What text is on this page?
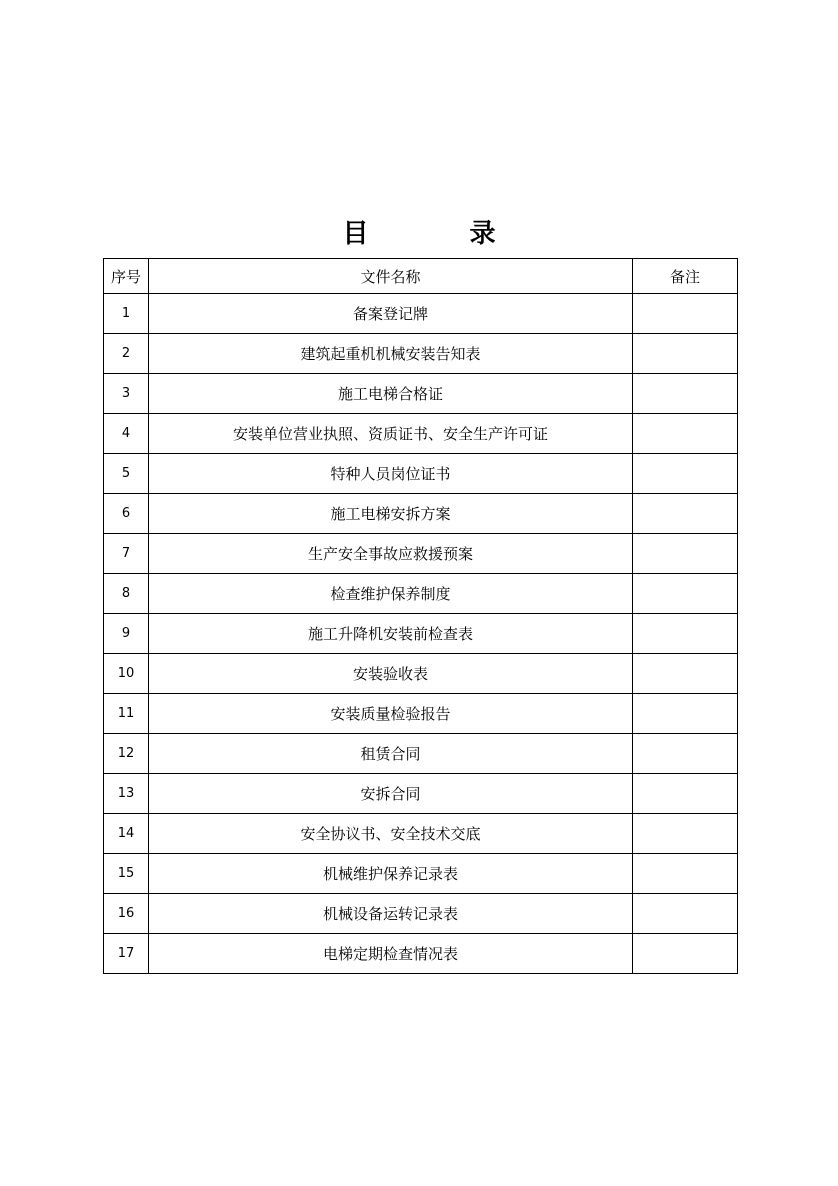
目 录
序号	文件名称	备注
1	备案登记牌	
2	建筑起重机机械安装告知表	
3	施工电梯合格证	
4	安装单位营业执照、资质证书、安全生产许可证	
5	特种人员岗位证书	
6	施工电梯安拆方案	
7	生产安全事故应救援预案	
8	检查维护保养制度	
9	施工升降机安装前检查表	
10	安装验收表	
11	安装质量检验报告	
12	租赁合同	
13	安拆合同	
14	安全协议书、安全技术交底	
15	机械维护保养记录表	
16	机械设备运转记录表	
17	电梯定期检查情况表	
